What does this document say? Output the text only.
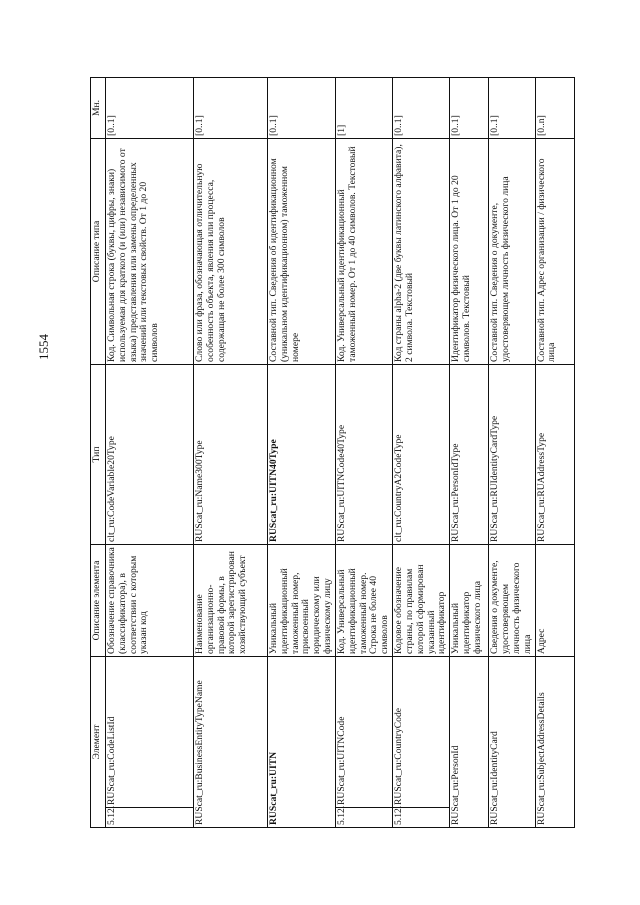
1554
Элемент		Описание элемента	Тип	Описание типа	Мн.
5.12.	RUScat_ru:CodeListId	Обозначение справочника (классификатора), в соответствии с которым указан код	clt_ru:CodeVariable20Type	Код. Символьная строка (буквы, цифры, знаки) используемая для краткого (и (или) независимого от языка) представления или замены определенных значений или текстовых свойств. От 1 до 20 символов	[0..1]
RUScat_ru:BusinessEntityTypeName		Наименование организационно-правовой формы, в которой зарегистрирован хозяйствующий субъект	RUScat_ru:Name300Type	Слово или фраза, обозначающая отличительную особенность объекта, явления или процесса, содержащая не более 300 символов	[0..1]
RUScat_ru:UITN		Уникальный идентификационный таможенный номер, присвоенный юридическому или физическому лицу	RUScat_ru:UITN40Type	Составной тип. Сведения об идентификационном (уникальном идентификационном) таможенном номере	[0..1]
5.12.	RUScat_ru:UITNCode	Код. Универсальный идентификационный таможенный номер. Строка не более 40 символов	RUScat_ru:UITNCode40Type	Код. Универсальный идентификационный таможенный номер. От 1 до 40 символов. Текстовый	[1]
5.12.	RUScat_ru:CountryCode	Кодовое обозначение страны, по правилам которой сформирован указанный идентификатор	clt_ru:CountryA2CodeType	Код страны alpha-2 (две буквы латинского алфавита), 2 символа. Текстовый	[0..1]
RUScat_ru:PersonId		Уникальный идентификатор физического лица	RUScat_ru:PersonIdType	Идентификатор физического лица. От 1 до 20 символов. Текстовый	[0..1]
RUScat_ru:IdentityCard		Сведения о документе, удостоверяющем личность физического лица	RUScat_ru:RUIdentityCardType	Составной тип. Сведения о документе, удостоверяющем личность физического лица	[0..1]
RUScat_ru:SubjectAddressDetails		Адрес	RUScat_ru:RUAddressType	Составной тип. Адрес организации / физического лица	[0..n]
